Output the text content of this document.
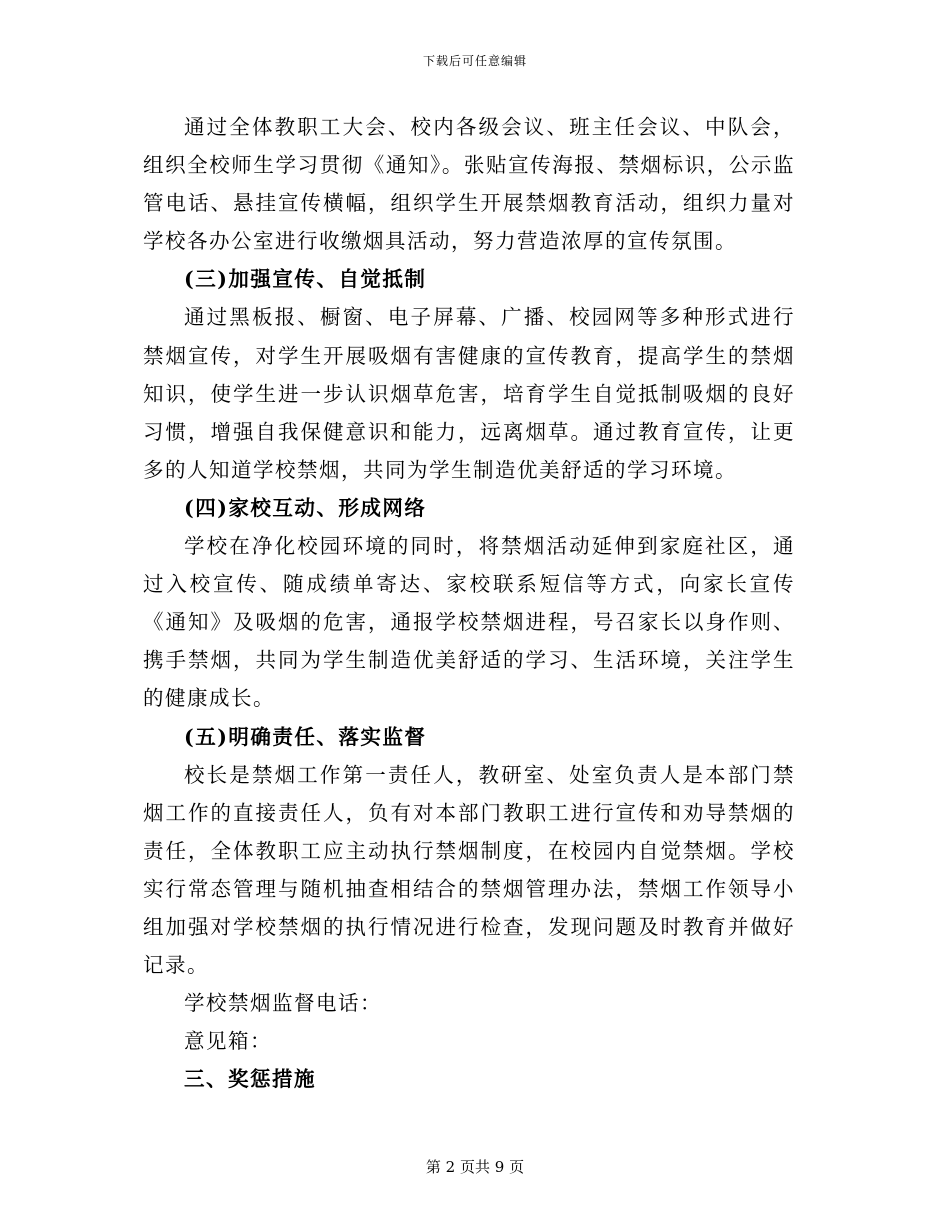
下载后可任意编辑

通过全体教职工大会、校内各级会议、班主任会议、中队会，组织全校师生学习贯彻《通知》。张贴宣传海报、禁烟标识，公示监管电话、悬挂宣传横幅，组织学生开展禁烟教育活动，组织力量对学校各办公室进行收缴烟具活动，努力营造浓厚的宣传氛围。

(三)加强宣传、自觉抵制

通过黑板报、橱窗、电子屏幕、广播、校园网等多种形式进行禁烟宣传，对学生开展吸烟有害健康的宣传教育，提高学生的禁烟知识，使学生进一步认识烟草危害，培育学生自觉抵制吸烟的良好习惯，增强自我保健意识和能力，远离烟草。通过教育宣传，让更多的人知道学校禁烟，共同为学生制造优美舒适的学习环境。

(四)家校互动、形成网络

学校在净化校园环境的同时，将禁烟活动延伸到家庭社区，通过入校宣传、随成绩单寄达、家校联系短信等方式，向家长宣传《通知》及吸烟的危害，通报学校禁烟进程，号召家长以身作则、携手禁烟，共同为学生制造优美舒适的学习、生活环境，关注学生的健康成长。

(五)明确责任、落实监督

校长是禁烟工作第一责任人，教研室、处室负责人是本部门禁烟工作的直接责任人，负有对本部门教职工进行宣传和劝导禁烟的责任，全体教职工应主动执行禁烟制度，在校园内自觉禁烟。学校实行常态管理与随机抽查相结合的禁烟管理办法，禁烟工作领导小组加强对学校禁烟的执行情况进行检查，发现问题及时教育并做好记录。

学校禁烟监督电话：

意见箱：

三、奖惩措施

第 2 页共 9 页
